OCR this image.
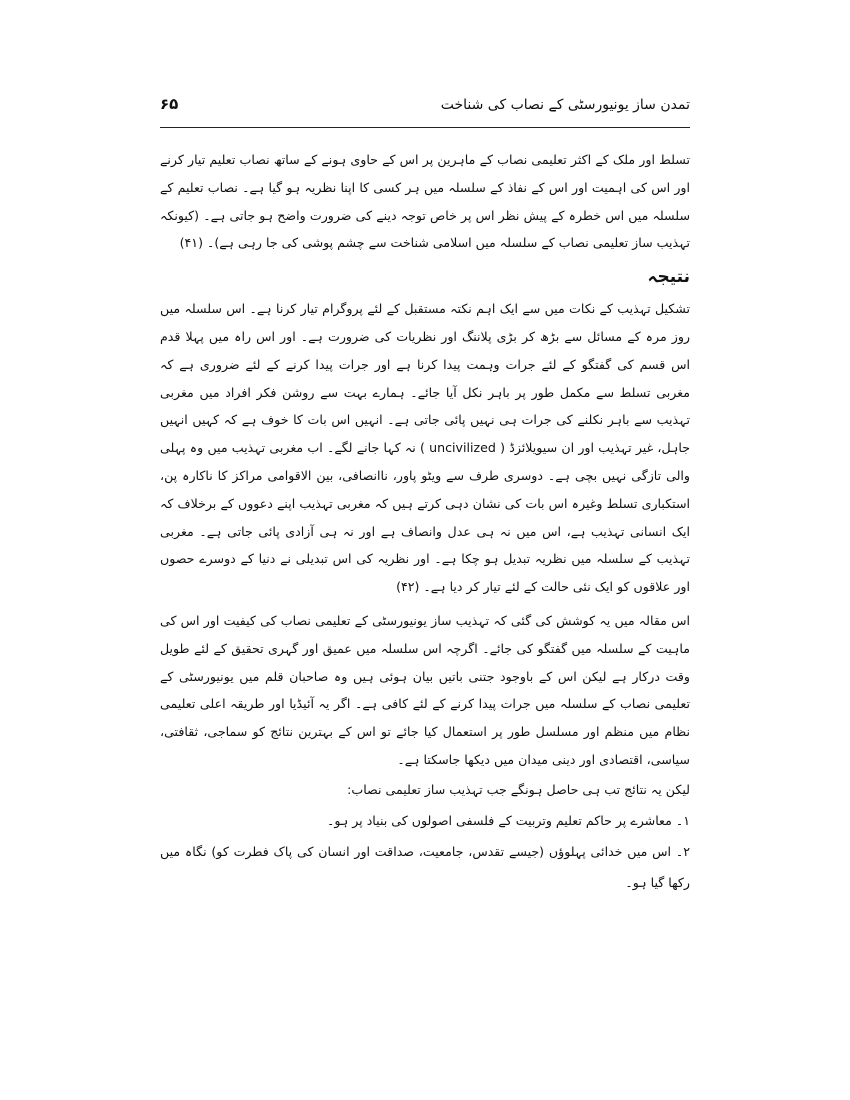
تمدن ساز یونیورسٹی کے نصاب کی شناخت
۶۵

تسلط اور ملک کے اکثر تعلیمی نصاب کے ماہرین پر اس کے حاوی ہونے کے ساتھ نصاب تعلیم تیار کرنے اور اس کی اہمیت اور اس کے نفاذ کے سلسلہ میں ہر کسی کا اپنا نظریہ ہو گیا ہے۔ نصاب تعلیم کے سلسلہ میں اس خطرہ کے پیش نظر اس پر خاص توجہ دینے کی ضرورت واضح ہو جاتی ہے۔ (کیونکہ تہذیب ساز تعلیمی نصاب کے سلسلہ میں اسلامی شناخت سے چشم پوشی کی جا رہی ہے)۔ (۴۱)

نتیجہ

تشکیل تہذیب کے نکات میں سے ایک اہم نکتہ مستقبل کے لئے پروگرام تیار کرنا ہے۔ اس سلسلہ میں روز مرہ کے مسائل سے بڑھ کر بڑی پلاننگ اور نظریات کی ضرورت ہے۔ اور اس راہ میں پہلا قدم اس قسم کی گفتگو کے لئے جرات وہمت پیدا کرنا ہے اور جرات پیدا کرنے کے لئے ضروری ہے کہ مغربی تسلط سے مکمل طور پر باہر نکل آیا جائے۔ ہمارے بہت سے روشن فکر افراد میں مغربی تہذیب سے باہر نکلنے کی جرات ہی نہیں پائی جاتی ہے۔ انہیں اس بات کا خوف ہے کہ کہیں انہیں جاہل، غیر تہذیب اور ان سیویلائزڈ ( uncivilized ) نہ کہا جانے لگے۔ اب مغربی تہذیب میں وہ پہلی والی تازگی نہیں بچی ہے۔ دوسری طرف سے ویٹو پاور، ناانصافی، بین الاقوامی مراکز کا ناکارہ پن، استکباری تسلط وغیرہ اس بات کی نشان دہی کرتے ہیں کہ مغربی تہذیب اپنے دعووں کے برخلاف کہ ایک انسانی تہذیب ہے، اس میں نہ ہی عدل وانصاف ہے اور نہ ہی آزادی پائی جاتی ہے۔ مغربی تہذیب کے سلسلہ میں نظریہ تبدیل ہو چکا ہے۔ اور نظریہ کی اس تبدیلی نے دنیا کے دوسرے حصوں اور علاقوں کو ایک نئی حالت کے لئے تیار کر دیا ہے۔ (۴۲)

اس مقالہ میں یہ کوشش کی گئی کہ تہذیب ساز یونیورسٹی کے تعلیمی نصاب کی کیفیت اور اس کی ماہیت کے سلسلہ میں گفتگو کی جائے۔ اگرچہ اس سلسلہ میں عمیق اور گہری تحقیق کے لئے طویل وقت درکار ہے لیکن اس کے باوجود جتنی باتیں بیان ہوئی ہیں وہ صاحبان قلم میں یونیورسٹی کے تعلیمی نصاب کے سلسلہ میں جرات پیدا کرنے کے لئے کافی ہے۔ اگر یہ آئیڈیا اور طریقہ اعلی تعلیمی نظام میں منظم اور مسلسل طور پر استعمال کیا جائے تو اس کے بہترین نتائج کو سماجی، ثقافتی، سیاسی، اقتصادی اور دینی میدان میں دیکھا جاسکتا ہے۔

لیکن یہ نتائج تب ہی حاصل ہونگے جب تہذیب ساز تعلیمی نصاب:

۱۔ معاشرے پر حاکم تعلیم وتربیت کے فلسفی اصولوں کی بنیاد پر ہو۔

۲۔ اس میں خدائی پہلوؤں (جیسے تقدس، جامعیت، صداقت اور انسان کی پاک فطرت کو) نگاہ میں رکھا گیا ہو۔
